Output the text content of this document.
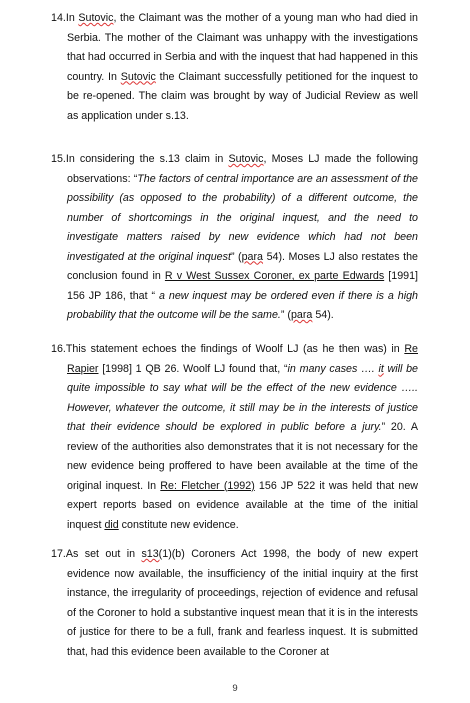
14.In Sutovic, the Claimant was the mother of a young man who had died in Serbia. The mother of the Claimant was unhappy with the investigations that had occurred in Serbia and with the inquest that had happened in this country. In Sutovic the Claimant successfully petitioned for the inquest to be re-opened. The claim was brought by way of Judicial Review as well as application under s.13.
15.In considering the s.13 claim in Sutovic, Moses LJ made the following observations: “The factors of central importance are an assessment of the possibility (as opposed to the probability) of a different outcome, the number of shortcomings in the original inquest, and the need to investigate matters raised by new evidence which had not been investigated at the original inquest” (para 54). Moses LJ also restates the conclusion found in R v West Sussex Coroner, ex parte Edwards [1991] 156 JP 186, that “ a new inquest may be ordered even if there is a high probability that the outcome will be the same.” (para 54).
16.This statement echoes the findings of Woolf LJ (as he then was) in Re Rapier [1998] 1 QB 26. Woolf LJ found that, “in many cases …. it will be quite impossible to say what will be the effect of the new evidence ….. However, whatever the outcome, it still may be in the interests of justice that their evidence should be explored in public before a jury.” 20. A review of the authorities also demonstrates that it is not necessary for the new evidence being proffered to have been available at the time of the original inquest. In Re: Fletcher (1992) 156 JP 522 it was held that new expert reports based on evidence available at the time of the initial inquest did constitute new evidence.
17.As set out in s13(1)(b) Coroners Act 1998, the body of new expert evidence now available, the insufficiency of the initial inquiry at the first instance, the irregularity of proceedings, rejection of evidence and refusal of the Coroner to hold a substantive inquest mean that it is in the interests of justice for there to be a full, frank and fearless inquest. It is submitted that, had this evidence been available to the Coroner at
9
